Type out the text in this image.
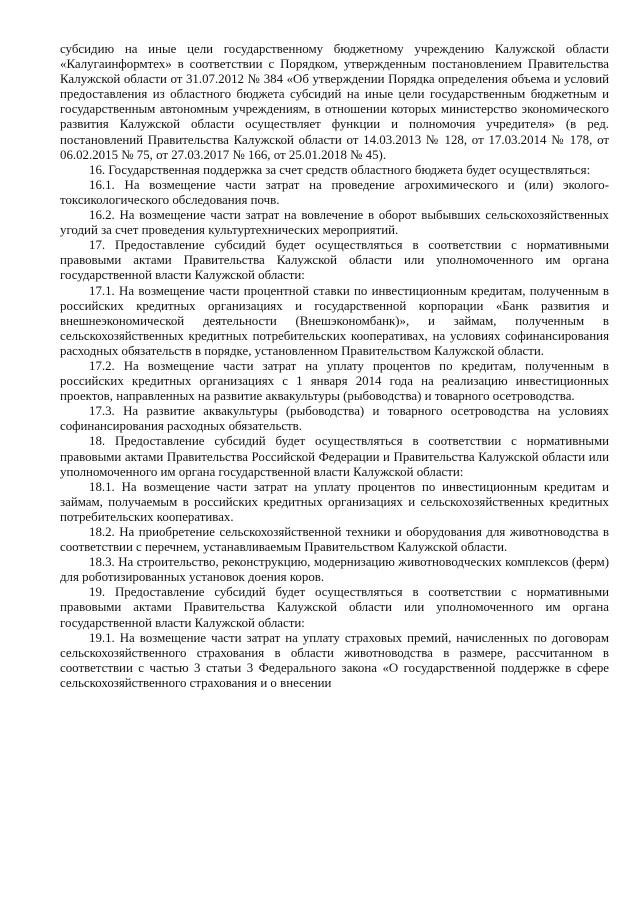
субсидию на иные цели государственному бюджетному учреждению Калужской области «Калугаинформтех» в соответствии с Порядком, утвержденным постановлением Правительства Калужской области от 31.07.2012 № 384 «Об утверждении Порядка определения объема и условий предоставления из областного бюджета субсидий на иные цели государственным бюджетным и государственным автономным учреждениям, в отношении которых министерство экономического развития Калужской области осуществляет функции и полномочия учредителя» (в ред. постановлений Правительства Калужской области от 14.03.2013 № 128, от 17.03.2014 № 178, от 06.02.2015 № 75, от 27.03.2017 № 166, от 25.01.2018 № 45).

16. Государственная поддержка за счет средств областного бюджета будет осуществляться:

16.1. На возмещение части затрат на проведение агрохимического и (или) эколого-токсикологического обследования почв.

16.2. На возмещение части затрат на вовлечение в оборот выбывших сельскохозяйственных угодий за счет проведения культуртехнических мероприятий.

17. Предоставление субсидий будет осуществляться в соответствии с нормативными правовыми актами Правительства Калужской области или уполномоченного им органа государственной власти Калужской области:

17.1. На возмещение части процентной ставки по инвестиционным кредитам, полученным в российских кредитных организациях и государственной корпорации «Банк развития и внешнеэкономической деятельности (Внешэкономбанк)», и займам, полученным в сельскохозяйственных кредитных потребительских кооперативах, на условиях софинансирования расходных обязательств в порядке, установленном Правительством Калужской области.

17.2. На возмещение части затрат на уплату процентов по кредитам, полученным в российских кредитных организациях с 1 января 2014 года на реализацию инвестиционных проектов, направленных на развитие аквакультуры (рыбоводства) и товарного осетроводства.

17.3. На развитие аквакультуры (рыбоводства) и товарного осетроводства на условиях софинансирования расходных обязательств.

18. Предоставление субсидий будет осуществляться в соответствии с нормативными правовыми актами Правительства Российской Федерации и Правительства Калужской области или уполномоченного им органа государственной власти Калужской области:

18.1. На возмещение части затрат на уплату процентов по инвестиционным кредитам и займам, получаемым в российских кредитных организациях и сельскохозяйственных кредитных потребительских кооперативах.

18.2. На приобретение сельскохозяйственной техники и оборудования для животноводства в соответствии с перечнем, устанавливаемым Правительством Калужской области.

18.3. На строительство, реконструкцию, модернизацию животноводческих комплексов (ферм) для роботизированных установок доения коров.

19. Предоставление субсидий будет осуществляться в соответствии с нормативными правовыми актами Правительства Калужской области или уполномоченного им органа государственной власти Калужской области:

19.1. На возмещение части затрат на уплату страховых премий, начисленных по договорам сельскохозяйственного страхования в области животноводства в размере, рассчитанном в соответствии с частью 3 статьи 3 Федерального закона «О государственной поддержке в сфере сельскохозяйственного страхования и о внесении
